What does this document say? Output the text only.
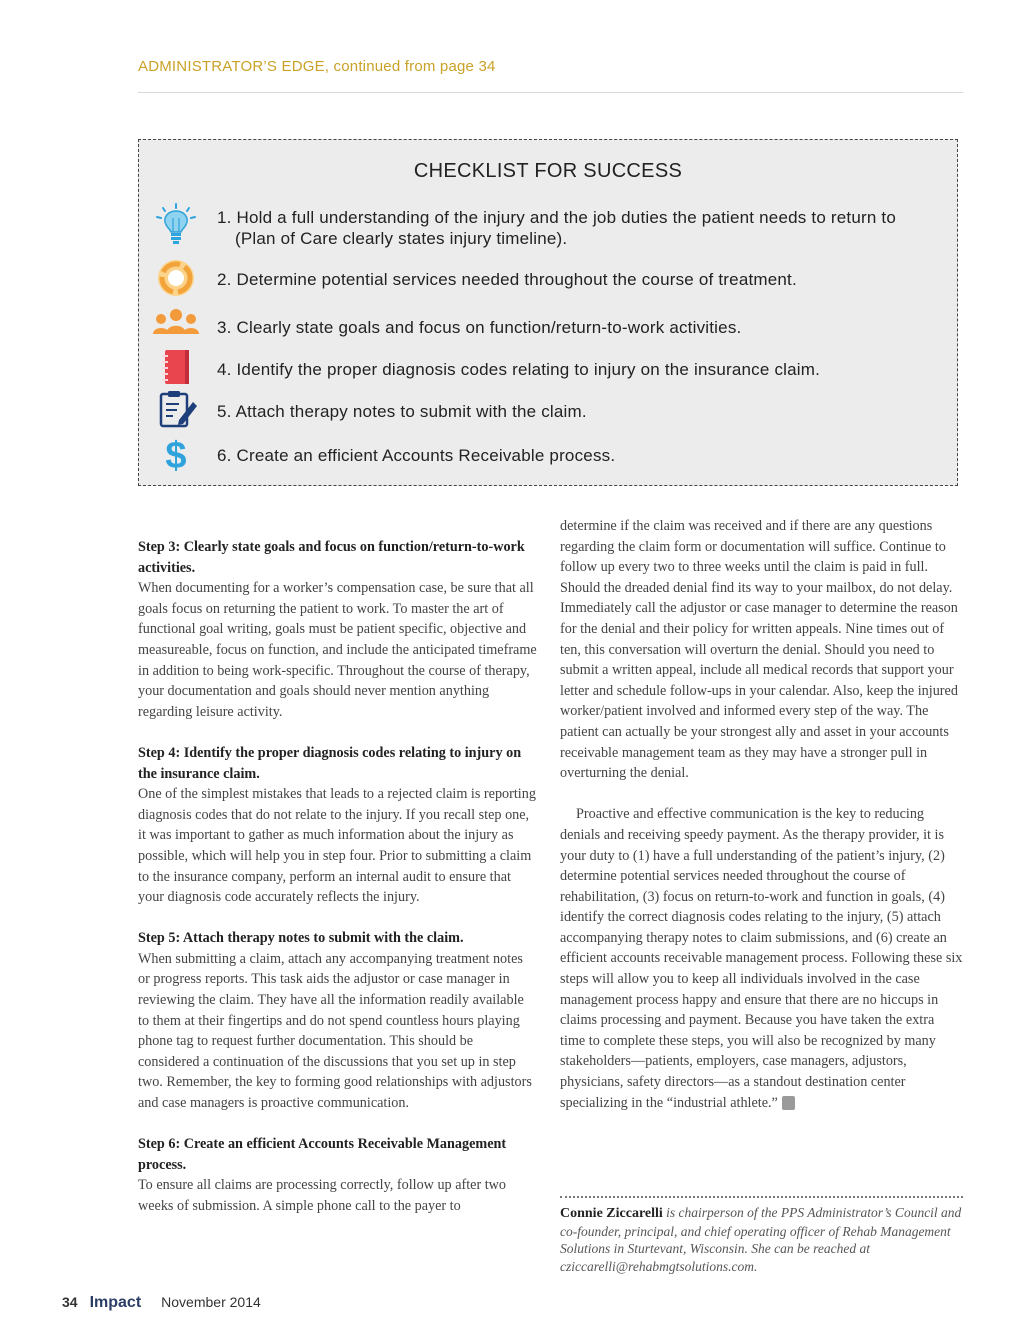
ADMINISTRATOR’S EDGE, continued from page 34
CHECKLIST FOR SUCCESS
1. Hold a full understanding of the injury and the job duties the patient needs to return to
(Plan of Care clearly states injury timeline).
2. Determine potential services needed throughout the course of treatment.
3. Clearly state goals and focus on function/return-to-work activities.
4. Identify the proper diagnosis codes relating to injury on the insurance claim.
5. Attach therapy notes to submit with the claim.
$ 6. Create an efficient Accounts Receivable process.

Step 3: Clearly state goals and focus on function/return-to-work activities.

When documenting for a worker’s compensation case, be sure that all goals focus on returning the patient to work. To master the art of functional goal writing, goals must be patient specific, objective and measureable, focus on function, and include the anticipated timeframe in addition to being work-specific. Throughout the course of therapy, your documentation and goals should never mention anything regarding leisure activity.

Step 4: Identify the proper diagnosis codes relating to injury on the insurance claim.

One of the simplest mistakes that leads to a rejected claim is reporting diagnosis codes that do not relate to the injury. If you recall step one, it was important to gather as much information about the injury as possible, which will help you in step four. Prior to submitting a claim to the insurance company, perform an internal audit to ensure that your diagnosis code accurately reflects the injury.

Step 5: Attach therapy notes to submit with the claim.

When submitting a claim, attach any accompanying treatment notes or progress reports. This task aids the adjustor or case manager in reviewing the claim. They have all the information readily available to them at their fingertips and do not spend countless hours playing phone tag to request further documentation. This should be considered a continuation of the discussions that you set up in step two. Remember, the key to forming good relationships with adjustors and case managers is proactive communication.

Step 6: Create an efficient Accounts Receivable Management process.

To ensure all claims are processing correctly, follow up after two weeks of submission. A simple phone call to the payer to

determine if the claim was received and if there are any questions regarding the claim form or documentation will suffice. Continue to follow up every two to three weeks until the claim is paid in full. Should the dreaded denial find its way to your mailbox, do not delay. Immediately call the adjustor or case manager to determine the reason for the denial and their policy for written appeals. Nine times out of ten, this conversation will overturn the denial. Should you need to submit a written appeal, include all medical records that support your letter and schedule follow-ups in your calendar. Also, keep the injured worker/patient involved and informed every step of the way. The patient can actually be your strongest ally and asset in your accounts receivable management team as they may have a stronger pull in overturning the denial.

Proactive and effective communication is the key to reducing denials and receiving speedy payment. As the therapy provider, it is your duty to (1) have a full understanding of the patient’s injury, (2) determine potential services needed throughout the course of rehabilitation, (3) focus on return-to-work and function in goals, (4) identify the correct diagnosis codes relating to the injury, (5) attach accompanying therapy notes to claim submissions, and (6) create an efficient accounts receivable management process. Following these six steps will allow you to keep all individuals involved in the case management process happy and ensure that there are no hiccups in claims processing and payment. Because you have taken the extra time to complete these steps, you will also be recognized by many stakeholders—patients, employers, case managers, adjustors, physicians, safety directors—as a standout destination center specializing in the “industrial athlete.” I

Connie Ziccarelli is chairperson of the PPS Administrator’s Council and co-founder, principal, and chief operating officer of Rehab Management Solutions in Sturtevant, Wisconsin. She can be reached at cziccarelli@rehabmgtsolutions.com.
34 Impact November 2014
